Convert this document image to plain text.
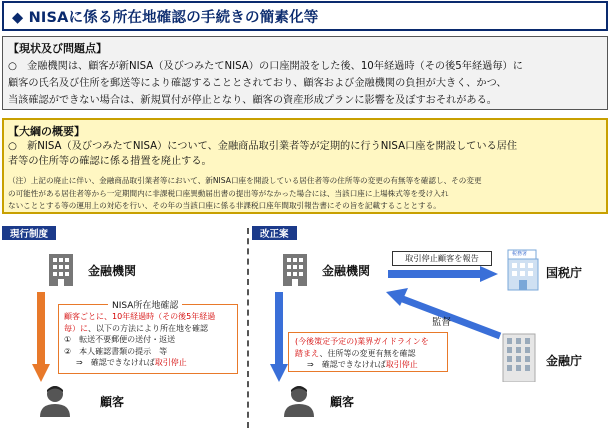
◆ NISAに係る所在地確認の手続きの簡素化等
【現状及び問題点】
○　金融機関は、顧客が新NISA（及びつみたてNISA）の口座開設をした後、10年経過時（その後5年経過毎）に
顧客の氏名及び住所を郵送等により確認することとされており、顧客および金融機関の負担が大きく、かつ、
当該確認ができない場合は、新規買付が停止となり、顧客の資産形成プランに影響を及ぼすおそれがある。
【大綱の概要】
○　新NISA（及びつみたてNISA）について、金融商品取引業者等が定期的に行うNISA口座を開設している居住
者等の住所等の確認に係る措置を廃止する。
（注）上記の廃止に伴い、金融商品取引業者等において、新NISA口座を開設している居住者等の住所等の変更の有無等を確認し、その変更
の可能性がある居住者等から一定期間内に非課税口座異動届出書の提出等がなかった場合には、当該口座に上場株式等を受け入れ
ないこととする等の運用上の対応を行い、その年の当該口座に係る非課税口座年間取引報告書にその旨を記載することとする。
現行制度
金融機関
NISA所在地確認
顧客ごとに、10年経過時（その後5年経過
毎）に、以下の方法により所在地を確認
①　転送不要郵便の送付・返送
②　本人確認書類の提示　等
⇒　確認できなければ取引停止
顧客
改正案
金融機関
取引停止顧客を報告	税務署
国税庁
監督
金融庁
(今後策定予定の)業界ガイドラインを
踏まえ、住所等の変更有無を確認
⇒　確認できなければ取引停止
顧客
